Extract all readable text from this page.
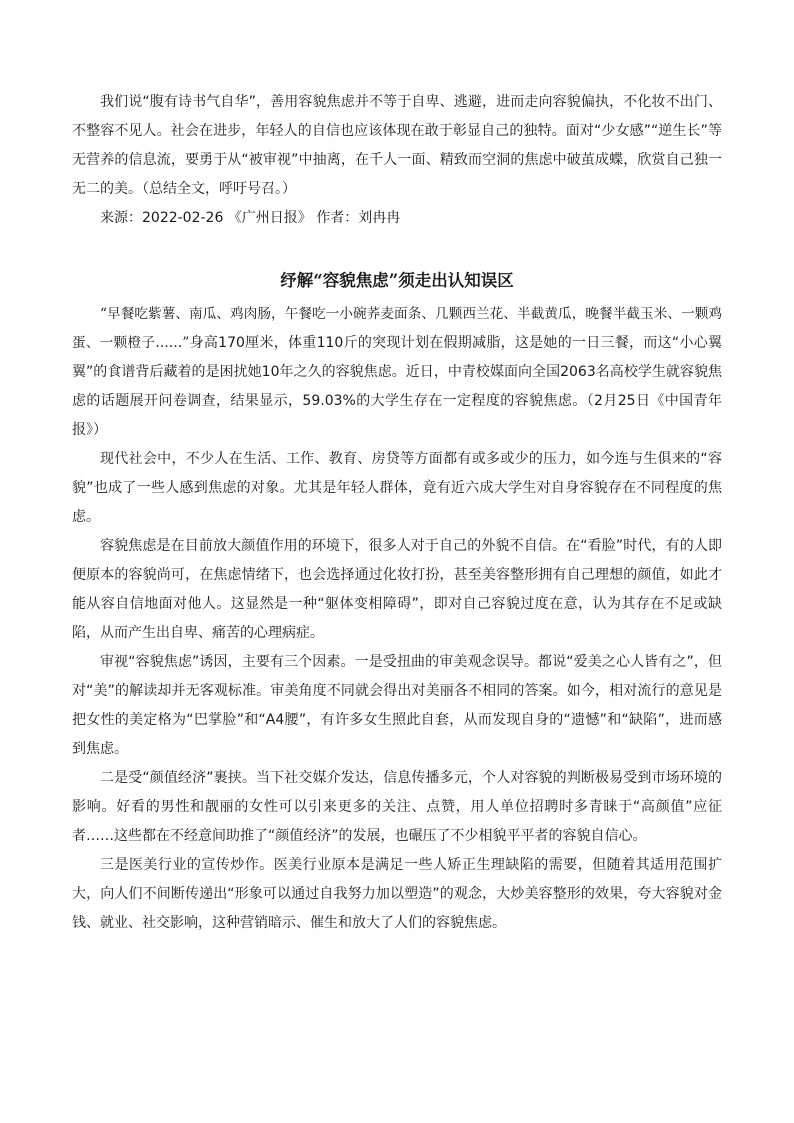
我们说“腹有诗书气自华”，善用容貌焦虑并不等于自卑、逃避，进而走向容貌偏执，不化妆不出门、不整容不见人。社会在进步，年轻人的自信也应该体现在敢于彰显自己的独特。面对“少女感”“逆生长”等无营养的信息流，要勇于从“被审视”中抽离，在千人一面、精致而空洞的焦虑中破茧成蝶，欣赏自己独一无二的美。（总结全文，呼吁号召。）

来源：2022-02-26 《广州日报》 作者：刘冉冉

纾解“容貌焦虑”须走出认知误区

“早餐吃紫薯、南瓜、鸡肉肠，午餐吃一小碗荞麦面条、几颗西兰花、半截黄瓜，晚餐半截玉米、一颗鸡蛋、一颗橙子……”身高170厘米，体重110斤的突现计划在假期减脂，这是她的一日三餐，而这“小心翼翼”的食谱背后藏着的是困扰她10年之久的容貌焦虑。近日，中青校媒面向全国2063名高校学生就容貌焦虑的话题展开问卷调查，结果显示，59.03%的大学生存在一定程度的容貌焦虑。（2月25日《中国青年报》）

现代社会中，不少人在生活、工作、教育、房贷等方面都有或多或少的压力，如今连与生俱来的“容貌”也成了一些人感到焦虑的对象。尤其是年轻人群体，竟有近六成大学生对自身容貌存在不同程度的焦虑。

容貌焦虑是在目前放大颜值作用的环境下，很多人对于自己的外貌不自信。在“看脸”时代，有的人即便原本的容貌尚可，在焦虑情绪下，也会选择通过化妆打扮，甚至美容整形拥有自己理想的颜值，如此才能从容自信地面对他人。这显然是一种“躯体变相障碍”，即对自己容貌过度在意，认为其存在不足或缺陷，从而产生出自卑、痛苦的心理病症。

审视“容貌焦虑”诱因，主要有三个因素。一是受扭曲的审美观念误导。都说“爱美之心人皆有之”，但对“美”的解读却并无客观标准。审美角度不同就会得出对美丽各不相同的答案。如今，相对流行的意见是把女性的美定格为“巴掌脸”和“A4腰”，有许多女生照此自套，从而发现自身的“遗憾”和“缺陷”，进而感到焦虑。

二是受“颜值经济”裹挟。当下社交媒介发达，信息传播多元，个人对容貌的判断极易受到市场环境的影响。好看的男性和靓丽的女性可以引来更多的关注、点赞，用人单位招聘时多青睐于“高颜值”应征者……这些都在不经意间助推了“颜值经济”的发展，也碾压了不少相貌平平者的容貌自信心。

三是医美行业的宣传炒作。医美行业原本是满足一些人矫正生理缺陷的需要，但随着其适用范围扩大，向人们不间断传递出“形象可以通过自我努力加以塑造”的观念，大炒美容整形的效果，夸大容貌对金钱、就业、社交影响，这种营销暗示、催生和放大了人们的容貌焦虑。
